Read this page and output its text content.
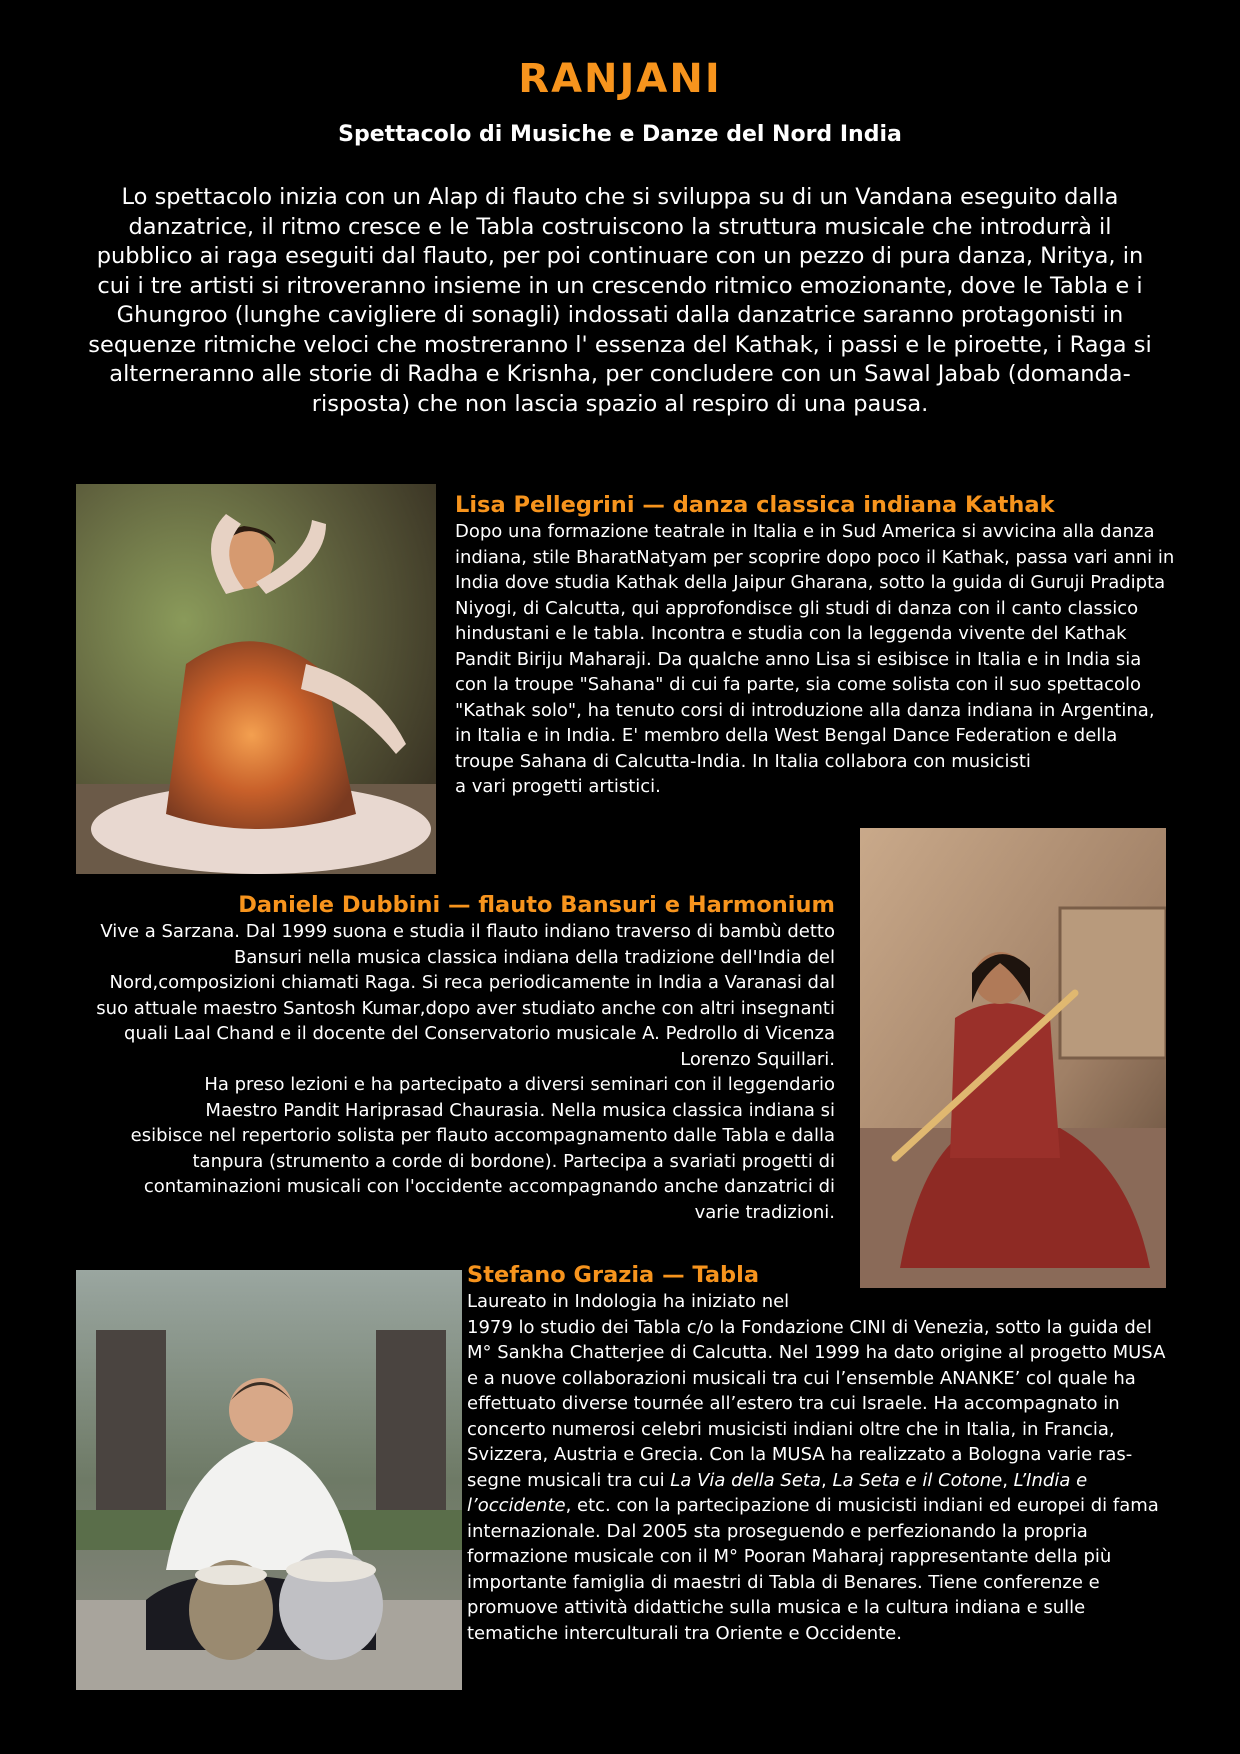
RANJANI
Spettacolo di Musiche e Danze del Nord India
Lo spettacolo inizia con un Alap di flauto che si sviluppa su di un Vandana eseguito dalla danzatrice, il ritmo cresce e le Tabla costruiscono la struttura musicale che introdurrà il pubblico ai raga eseguiti dal flauto, per poi continuare con un pezzo di pura danza, Nritya, in cui i tre artisti si ritroveranno insieme in un crescendo ritmico emozionante, dove le Tabla e i Ghungroo (lunghe cavigliere di sonagli) indossati dalla danzatrice saranno protagonisti in sequenze ritmiche veloci che mostreranno l' essenza del Kathak, i passi e le piroette, i Raga si alterneranno alle storie di Radha e Krisnha, per concludere con un Sawal Jabab (domanda-risposta) che non lascia spazio al respiro di una pausa.
Lisa Pellegrini — danza classica indiana Kathak
Dopo una formazione teatrale in Italia e in Sud America si avvicina alla danza indiana, stile BharatNatyam per scoprire dopo poco il Kathak, passa vari anni in India dove studia Kathak della Jaipur Gharana, sotto la guida di Guruji Pradipta Niyogi, di Calcutta, qui approfondisce gli studi di danza con il canto classico hindustani e le tabla. Incontra e studia con la leggenda vivente del Kathak Pandit Biriju Maharaji. Da qualche anno Lisa si esibisce in Italia e in India sia con la troupe "Sahana" di cui fa parte, sia come solista con il suo spettacolo "Kathak solo", ha tenuto corsi di introduzione alla danza indiana in Argentina, in Italia e in India. E' membro della West Bengal Dance Federation e della troupe Sahana di Calcutta-India. In Italia collabora con musicisti
a vari progetti artistici.
Daniele Dubbini — flauto Bansuri e Harmonium
Vive a Sarzana. Dal 1999 suona e studia il flauto indiano traverso di bambù detto Bansuri nella musica classica indiana della tradizione dell'India del Nord,composizioni chiamati Raga. Si reca periodicamente in India a Varanasi dal suo attuale maestro Santosh Kumar,dopo aver studiato anche con altri insegnanti quali Laal Chand e il docente del Conservatorio musicale A. Pedrollo di Vicenza Lorenzo Squillari.
Ha preso lezioni e ha partecipato a diversi seminari con il leggendario Maestro Pandit Hariprasad Chaurasia. Nella musica classica indiana si esibisce nel repertorio solista per flauto accompagnamento dalle Tabla e dalla tanpura (strumento a corde di bordone). Partecipa a svariati progetti di contaminazioni musicali con l'occidente accompagnando anche danzatrici di varie tradizioni.
Stefano Grazia — Tabla
Laureato in Indologia ha iniziato nel
1979 lo studio dei Tabla c/o la Fondazione CINI di Venezia, sotto la guida del M° Sankha Chatterjee di Calcutta. Nel 1999 ha dato origine al progetto MUSA e a nuove collaborazioni musicali tra cui l’ensemble ANANKE’ col quale ha effettuato diverse tournée all’estero tra cui Israele. Ha accompagnato in concerto numerosi celebri musicisti indiani oltre che in Italia, in Francia, Svizzera, Austria e Grecia. Con la MUSA ha realizzato a Bologna varie ras-segne musicali tra cui La Via della Seta, La Seta e il Cotone, L’India e l’occidente, etc. con la partecipazione di musicisti indiani ed europei di fama internazionale. Dal 2005 sta proseguendo e perfezionando la propria formazione musicale con il M° Pooran Maharaj rappresentante della più importante famiglia di maestri di Tabla di Benares. Tiene conferenze e promuove attività didattiche sulla musica e la cultura indiana e sulle tematiche interculturali tra Oriente e Occidente.
